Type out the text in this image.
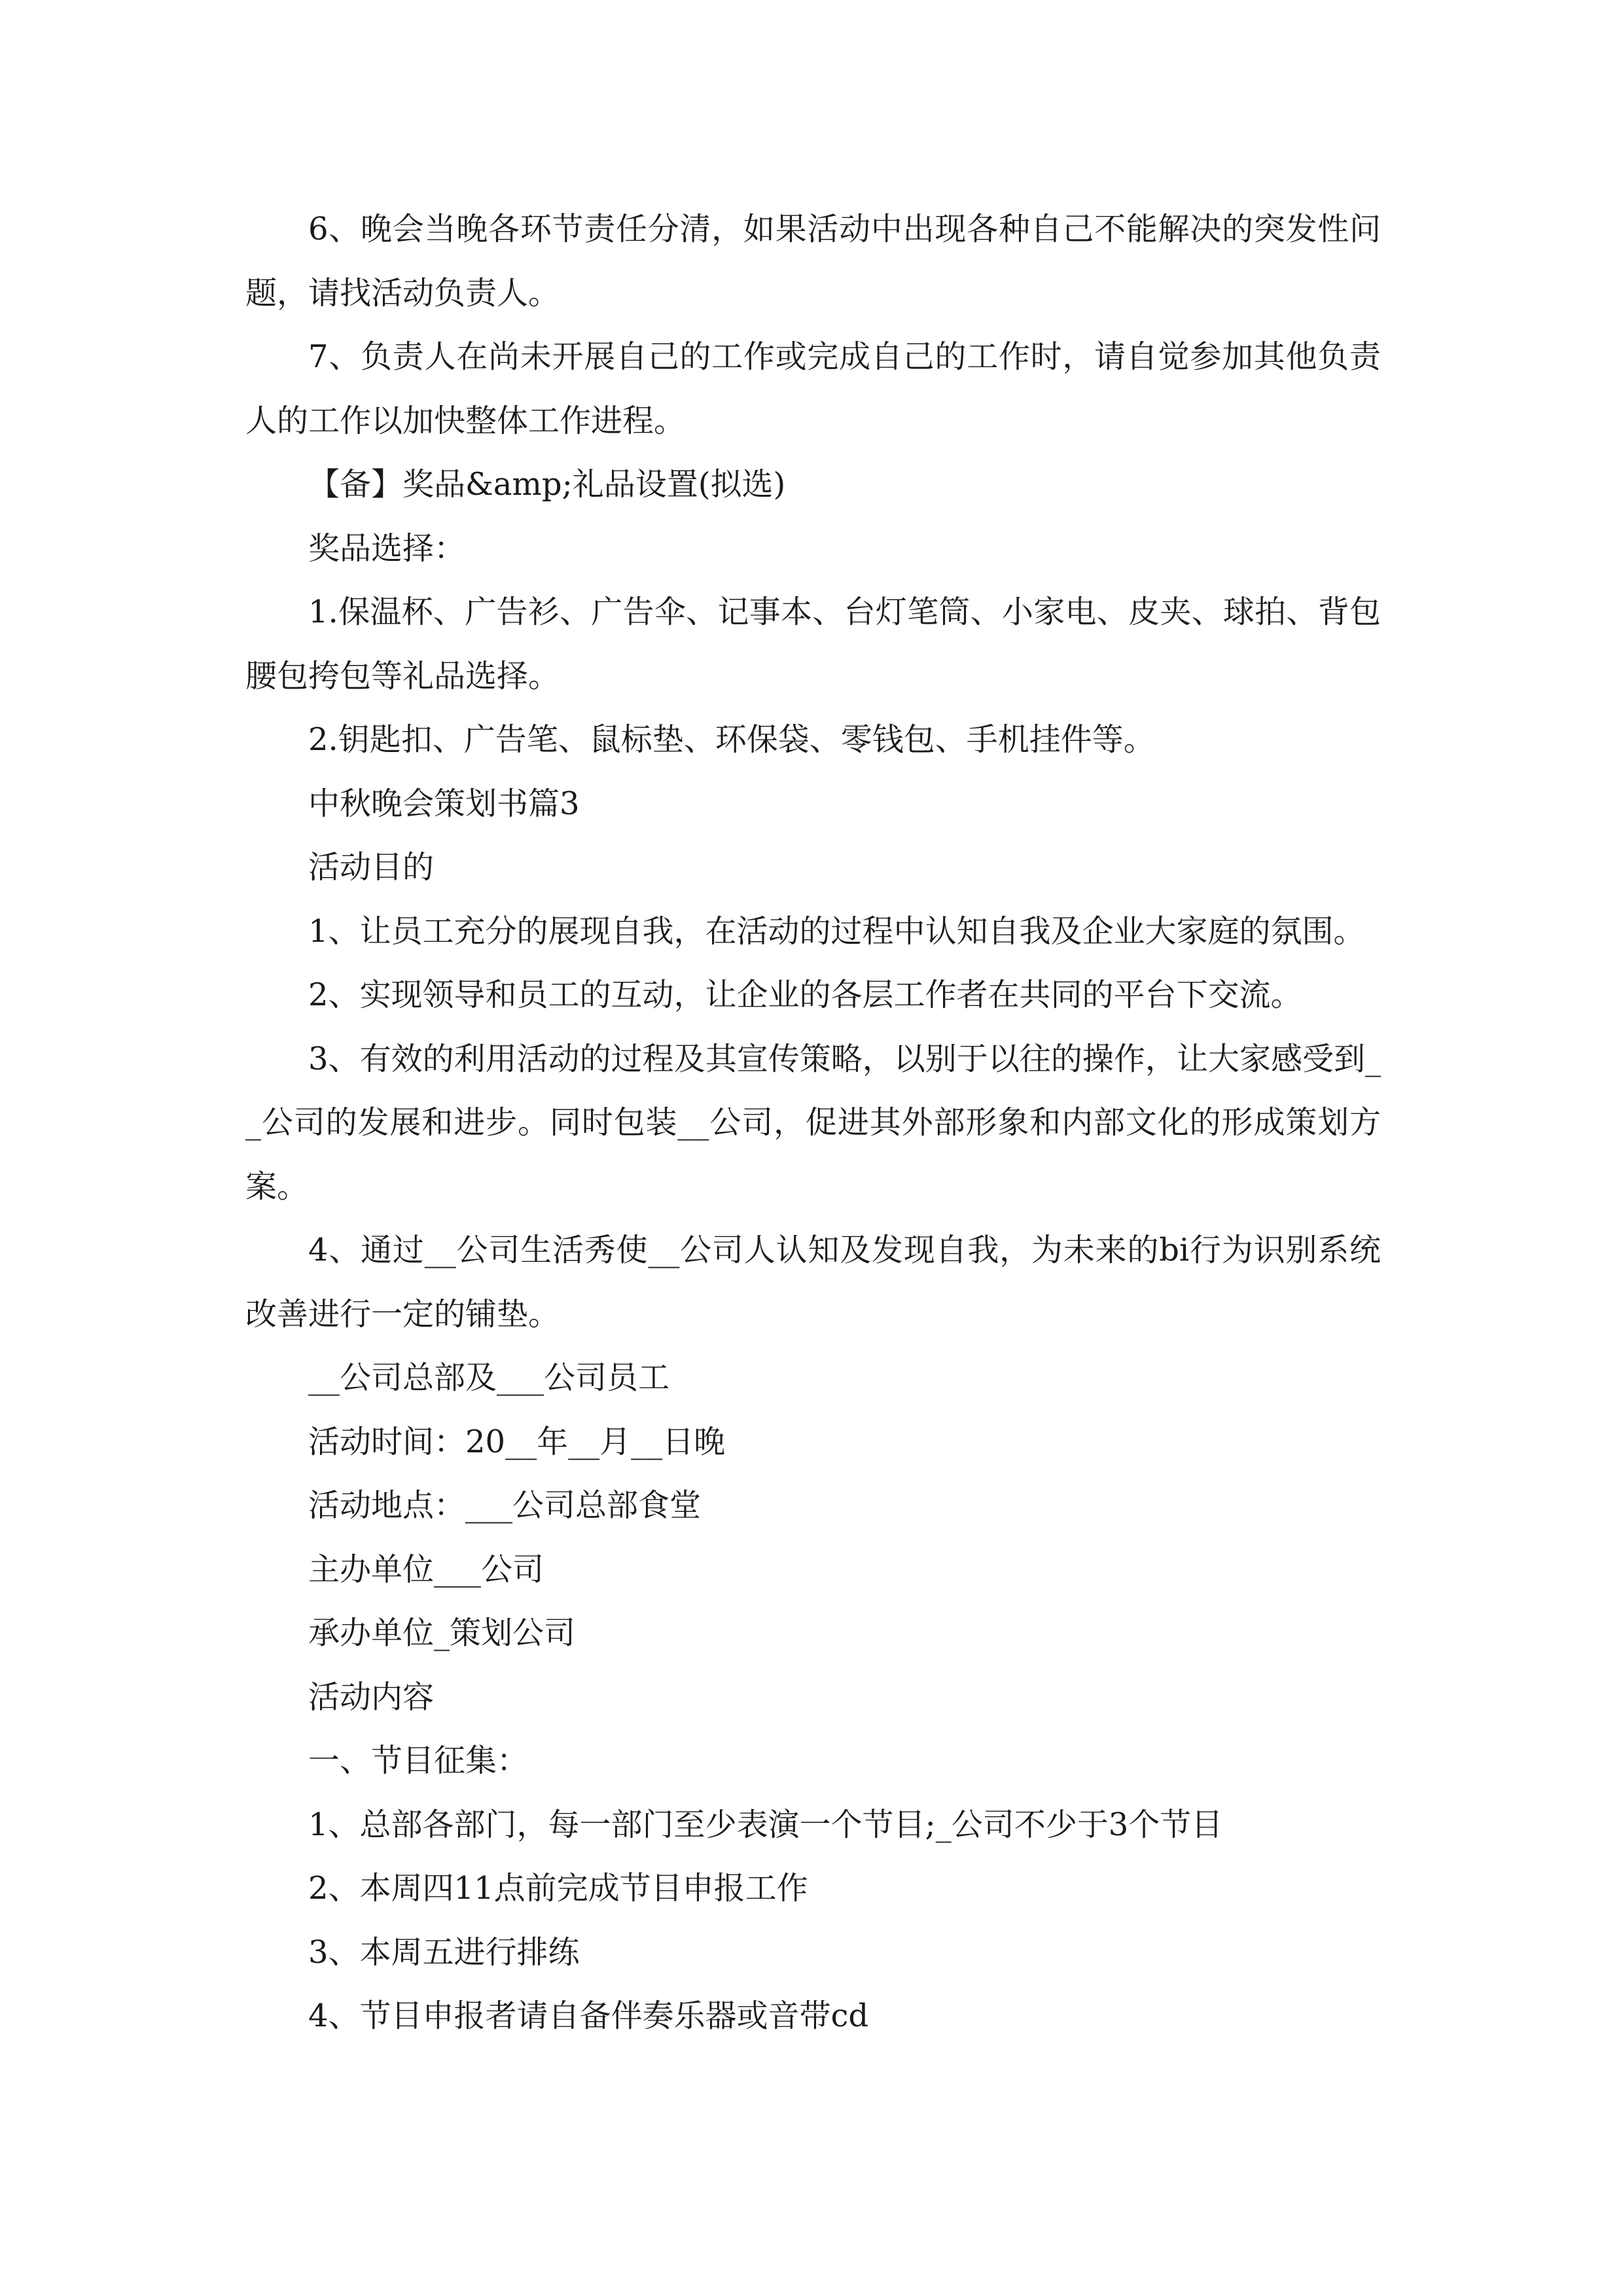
6、晚会当晚各环节责任分清，如果活动中出现各种自己不能解决的突发性问题，请找活动负责人。

7、负责人在尚未开展自己的工作或完成自己的工作时，请自觉参加其他负责人的工作以加快整体工作进程。

【备】奖品&amp;礼品设置(拟选)

奖品选择：

1.保温杯、广告衫、广告伞、记事本、台灯笔筒、小家电、皮夹、球拍、背包腰包挎包等礼品选择。

2.钥匙扣、广告笔、鼠标垫、环保袋、零钱包、手机挂件等。

中秋晚会策划书篇3

活动目的

1、让员工充分的展现自我，在活动的过程中认知自我及企业大家庭的氛围。

2、实现领导和员工的互动，让企业的各层工作者在共同的平台下交流。

3、有效的利用活动的过程及其宣传策略，以别于以往的操作，让大家感受到__公司的发展和进步。同时包装__公司，促进其外部形象和内部文化的形成策划方案。

4、通过__公司生活秀使__公司人认知及发现自我，为未来的bi行为识别系统改善进行一定的铺垫。

__公司总部及___公司员工

活动时间：20__年__月__日晚

活动地点：___公司总部食堂

主办单位___公司

承办单位_策划公司

活动内容

一、节目征集：

1、总部各部门，每一部门至少表演一个节目;_公司不少于3个节目

2、本周四11点前完成节目申报工作

3、本周五进行排练

4、节目申报者请自备伴奏乐器或音带cd
